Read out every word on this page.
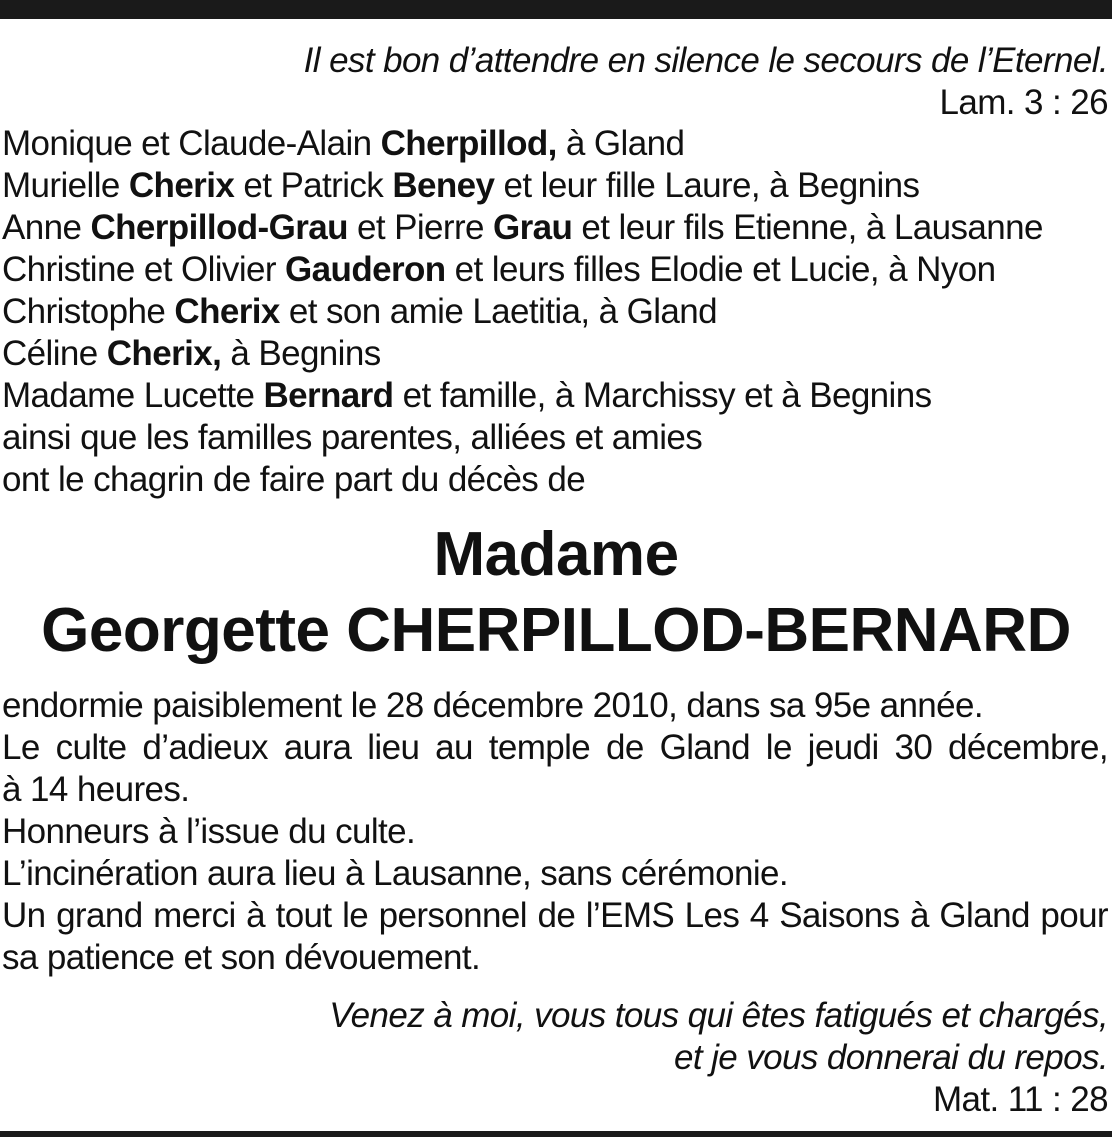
Il est bon d’attendre en silence le secours de l’Eternel.
Lam. 3 : 26
Monique et Claude-Alain Cherpillod, à Gland
Murielle Cherix et Patrick Beney et leur fille Laure, à Begnins
Anne Cherpillod-Grau et Pierre Grau et leur fils Etienne, à Lausanne
Christine et Olivier Gauderon et leurs filles Elodie et Lucie, à Nyon
Christophe Cherix et son amie Laetitia, à Gland
Céline Cherix, à Begnins
Madame Lucette Bernard et famille, à Marchissy et à Begnins
ainsi que les familles parentes, alliées et amies
ont le chagrin de faire part du décès de
Madame
Georgette CHERPILLOD-BERNARD
endormie paisiblement le 28 décembre 2010, dans sa 95e année.
Le culte d’adieux aura lieu au temple de Gland le jeudi 30 décembre,
à 14 heures.
Honneurs à l’issue du culte.
L’incinération aura lieu à Lausanne, sans cérémonie.
Un grand merci à tout le personnel de l’EMS Les 4 Saisons à Gland pour
sa patience et son dévouement.
Venez à moi, vous tous qui êtes fatigués et chargés,
et je vous donnerai du repos.
Mat. 11 : 28
